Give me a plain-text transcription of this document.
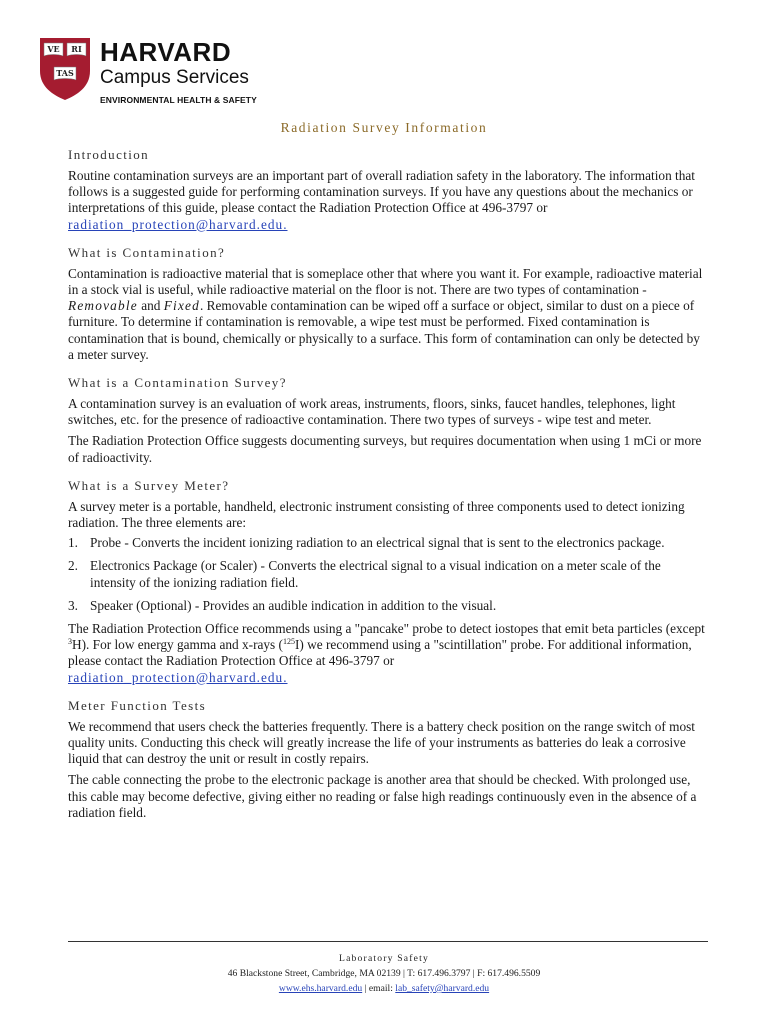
VE RI
TAS
HARVARD
Campus Services
ENVIRONMENTAL HEALTH & SAFETY
Radiation Survey Information
Introduction

Routine contamination surveys are an important part of overall radiation safety in the laboratory. The information that follows is a suggested guide for performing contamination surveys. If you have any questions about the mechanics or interpretations of this guide, please contact the Radiation Protection Office at 496-3797 or radiation_protection@harvard.edu.

What is Contamination?

Contamination is radioactive material that is someplace other that where you want it. For example, radioactive material in a stock vial is useful, while radioactive material on the floor is not. There are two types of contamination - Removable and Fixed. Removable contamination can be wiped off a surface or object, similar to dust on a piece of furniture. To determine if contamination is removable, a wipe test must be performed. Fixed contamination is contamination that is bound, chemically or physically to a surface. This form of contamination can only be detected by a meter survey.

What is a Contamination Survey?

A contamination survey is an evaluation of work areas, instruments, floors, sinks, faucet handles, telephones, light switches, etc. for the presence of radioactive contamination. There two types of surveys - wipe test and meter.

The Radiation Protection Office suggests documenting surveys, but requires documentation when using 1 mCi or more of radioactivity.

What is a Survey Meter?

A survey meter is a portable, handheld, electronic instrument consisting of three components used to detect ionizing radiation. The three elements are:

1. Probe - Converts the incident ionizing radiation to an electrical signal that is sent to the electronics package.
2. Electronics Package (or Scaler) - Converts the electrical signal to a visual indication on a meter scale of the intensity of the ionizing radiation field.
3. Speaker (Optional) - Provides an audible indication in addition to the visual.

The Radiation Protection Office recommends using a "pancake" probe to detect iostopes that emit beta particles (except $^3$H). For low energy gamma and x-rays ($^{125}$I) we recommend using a "scintillation" probe. For additional information, please contact the Radiation Protection Office at 496-3797 or
radiation_protection@harvard.edu.

Meter Function Tests

We recommend that users check the batteries frequently. There is a battery check position on the range switch of most quality units. Conducting this check will greatly increase the life of your instruments as batteries do leak a corrosive liquid that can destroy the unit or result in costly repairs.

The cable connecting the probe to the electronic package is another area that should be checked. With prolonged use, this cable may become defective, giving either no reading or false high readings continuously even in the absence of a radiation field.

Laboratory Safety
46 Blackstone Street, Cambridge, MA 02139 | T: 617.496.3797 | F: 617.496.5509
www.ehs.harvard.edu | email: lab_safety@harvard.edu
